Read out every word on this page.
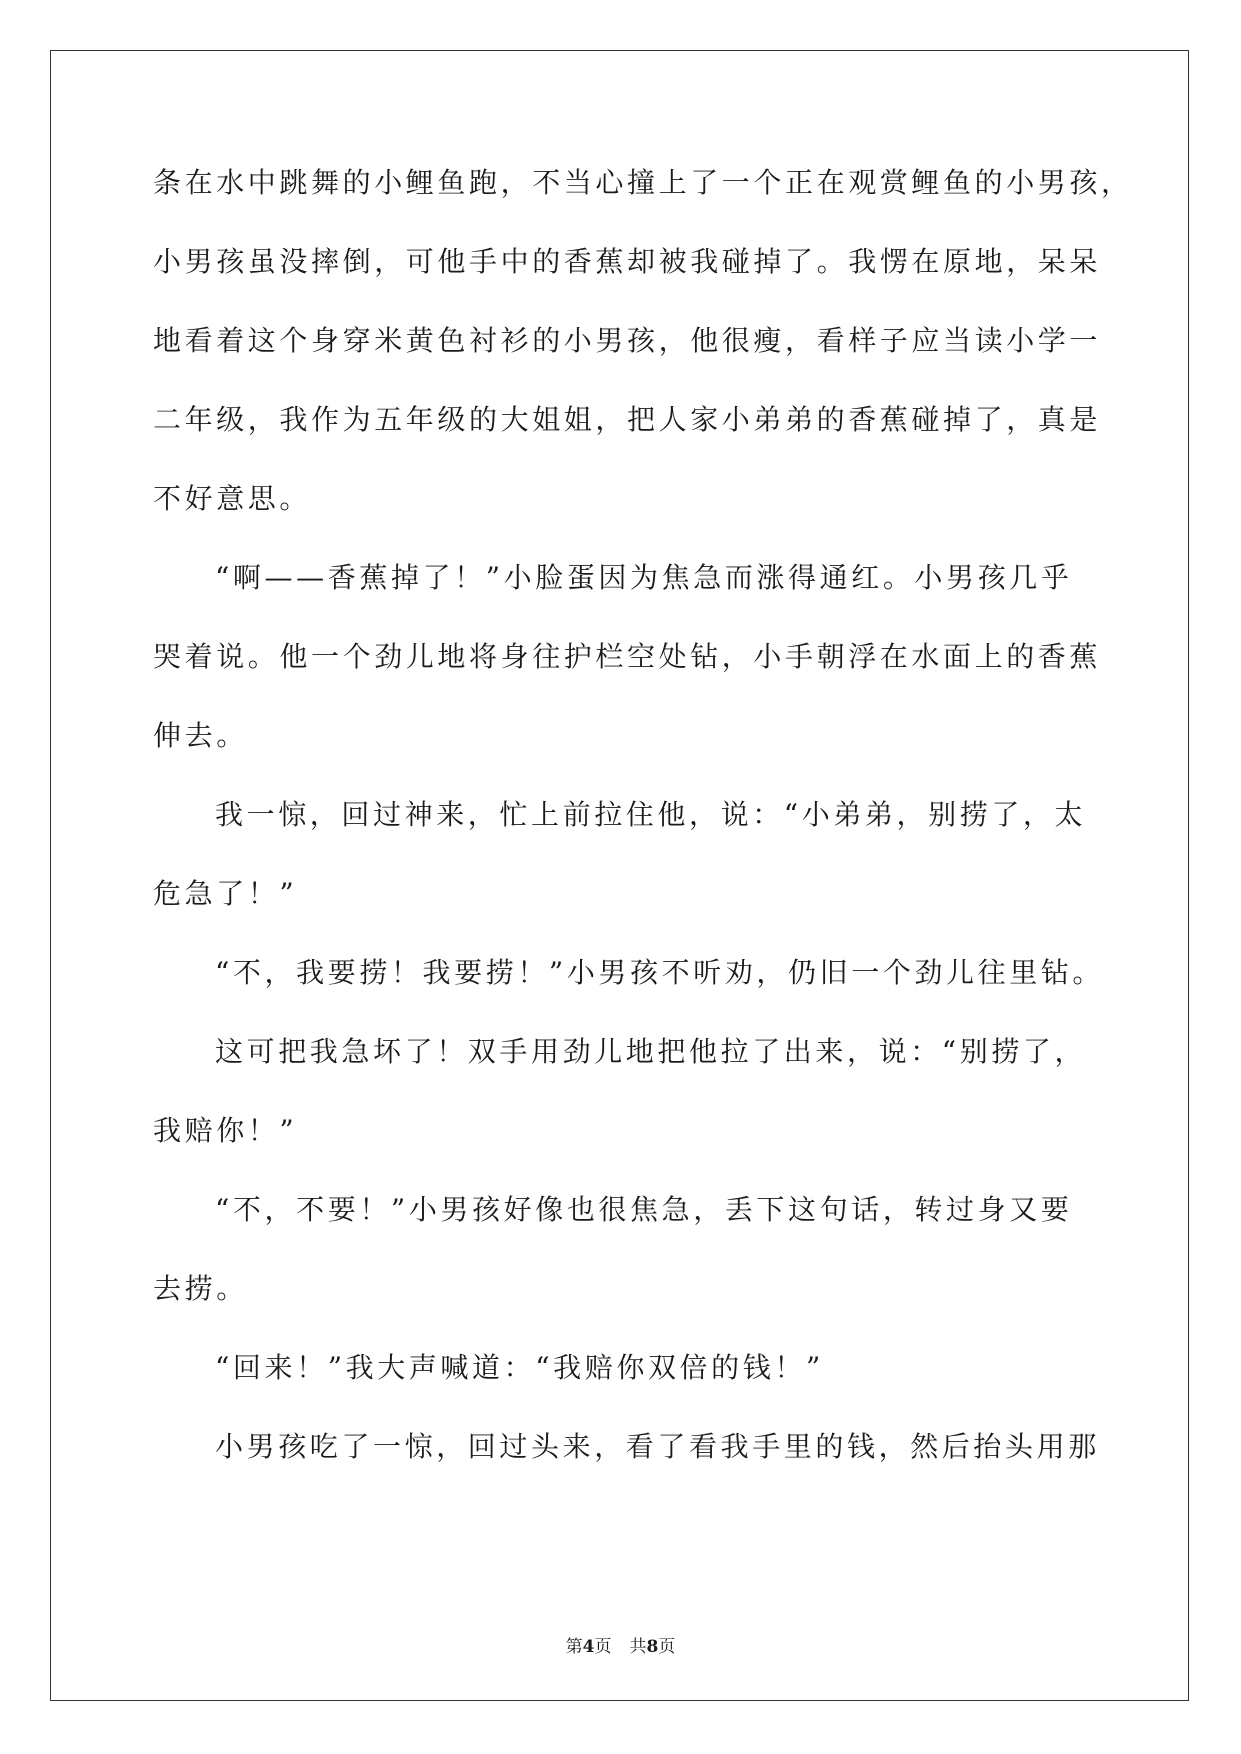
条在水中跳舞的小鲤鱼跑，不当心撞上了一个正在观赏鲤鱼的小男孩，
小男孩虽没摔倒，可他手中的香蕉却被我碰掉了。我愣在原地，呆呆
地看着这个身穿米黄色衬衫的小男孩，他很瘦，看样子应当读小学一
二年级，我作为五年级的大姐姐，把人家小弟弟的香蕉碰掉了，真是
不好意思。
“啊——香蕉掉了！”小脸蛋因为焦急而涨得通红。小男孩几乎
哭着说。他一个劲儿地将身往护栏空处钻，小手朝浮在水面上的香蕉
伸去。
我一惊，回过神来，忙上前拉住他，说：“小弟弟，别捞了，太
危急了！”
“不，我要捞！我要捞！”小男孩不听劝，仍旧一个劲儿往里钻。
这可把我急坏了！双手用劲儿地把他拉了出来，说：“别捞了，
我赔你！”
“不，不要！”小男孩好像也很焦急，丢下这句话，转过身又要
去捞。
“回来！”我大声喊道：“我赔你双倍的钱！”
小男孩吃了一惊，回过头来，看了看我手里的钱，然后抬头用那
第4页 共8页
